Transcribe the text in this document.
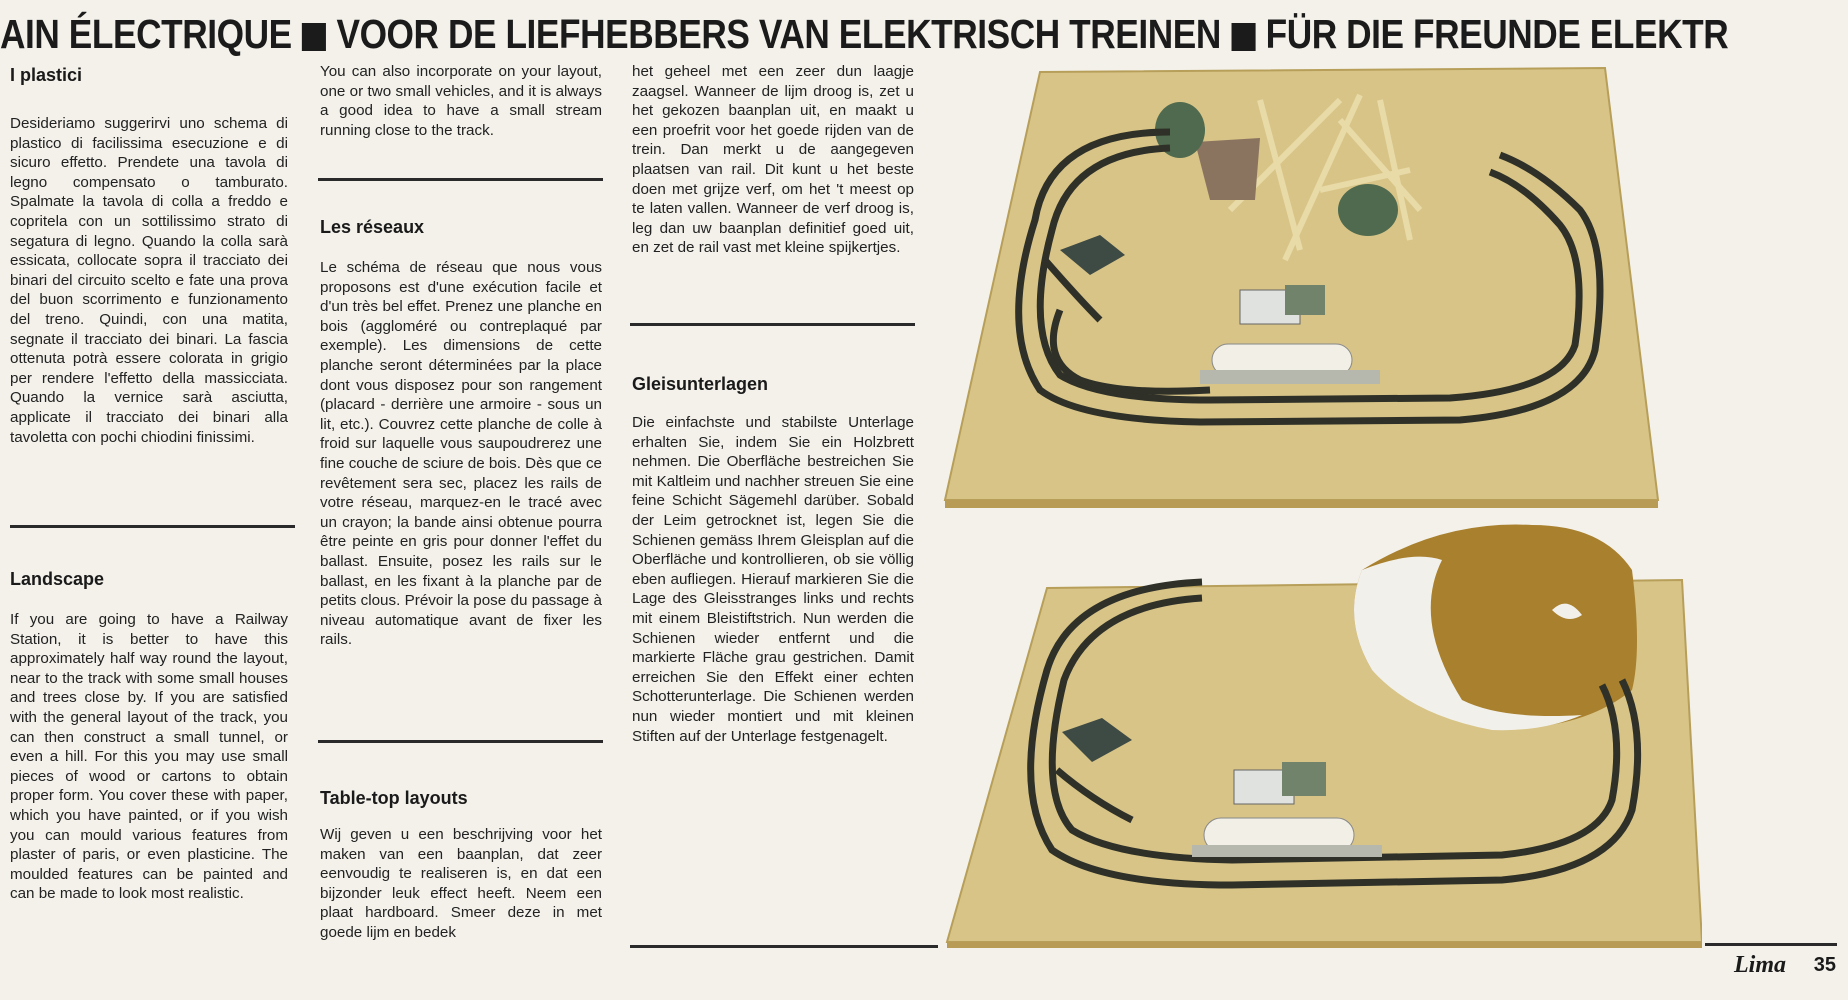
AIN ÉLECTRIQUE VOOR DE LIEFHEBBERS VAN ELEKTRISCH TREINEN FÜR DIE FREUNDE ELEKTR
I plastici

Desideriamo suggerirvi uno schema di plastico di facilissima esecuzione e di sicuro effetto. Prendete una tavola di legno compensato o tamburato. Spalmate la tavola di colla a freddo e copritela con un sottilissimo strato di segatura di legno. Quando la colla sarà essicata, collocate sopra il tracciato dei binari del circuito scelto e fate una prova del buon scorrimento e funzionamento del treno. Quindi, con una matita, segnate il tracciato dei binari. La fascia ottenuta potrà essere colorata in grigio per rendere l'effetto della massicciata. Quando la vernice sarà asciutta, applicate il tracciato dei binari alla tavoletta con pochi chiodini finissimi.

Landscape

If you are going to have a Railway Station, it is better to have this approximately half way round the layout, near to the track with some small houses and trees close by. If you are satisfied with the general layout of the track, you can then construct a small tunnel, or even a hill. For this you may use small pieces of wood or cartons to obtain proper form. You cover these with paper, which you have painted, or if you wish you can mould various features from plaster of paris, or even plasticine. The moulded features can be painted and can be made to look most realistic.

You can also incorporate on your layout, one or two small vehicles, and it is always a good idea to have a small stream running close to the track.

Les réseaux

Le schéma de réseau que nous vous proposons est d'une exécution facile et d'un très bel effet. Prenez une planche en bois (aggloméré ou contreplaqué par exemple). Les dimensions de cette planche seront déterminées par la place dont vous disposez pour son rangement (placard - derrière une armoire - sous un lit, etc.). Couvrez cette planche de colle à froid sur laquelle vous saupoudrerez une fine couche de sciure de bois. Dès que ce revêtement sera sec, placez les rails de votre réseau, marquez-en le tracé avec un crayon; la bande ainsi obtenue pourra être peinte en gris pour donner l'effet du ballast. Ensuite, posez les rails sur le ballast, en les fixant à la planche par de petits clous. Prévoir la pose du passage à niveau automatique avant de fixer les rails.

Table-top layouts

Wij geven u een beschrijving voor het maken van een baanplan, dat zeer eenvoudig te realiseren is, en dat een bijzonder leuk effect heeft. Neem een plaat hardboard. Smeer deze in met goede lijm en bedek

het geheel met een zeer dun laagje zaagsel. Wanneer de lijm droog is, zet u het gekozen baanplan uit, en maakt u een proefrit voor het goede rijden van de trein. Dan merkt u de aangegeven plaatsen van rail. Dit kunt u het beste doen met grijze verf, om het 't meest op te laten vallen. Wanneer de verf droog is, leg dan uw baanplan definitief goed uit, en zet de rail vast met kleine spijkertjes.

Gleisunterlagen

Die einfachste und stabilste Unterlage erhalten Sie, indem Sie ein Holzbrett nehmen. Die Oberfläche bestreichen Sie mit Kaltleim und nachher streuen Sie eine feine Schicht Sägemehl darüber. Sobald der Leim getrocknet ist, legen Sie die Schienen gemäss Ihrem Gleisplan auf die Oberfläche und kontrollieren, ob sie völlig eben aufliegen. Hierauf markieren Sie die Lage des Gleisstranges links und rechts mit einem Bleistiftstrich. Nun werden die Schienen wieder entfernt und die markierte Fläche grau gestrichen. Damit erreichen Sie den Effekt einer echten Schotterunterlage. Die Schienen werden nun wieder montiert und mit kleinen Stiften auf der Unterlage festgenagelt.

Lima 35
